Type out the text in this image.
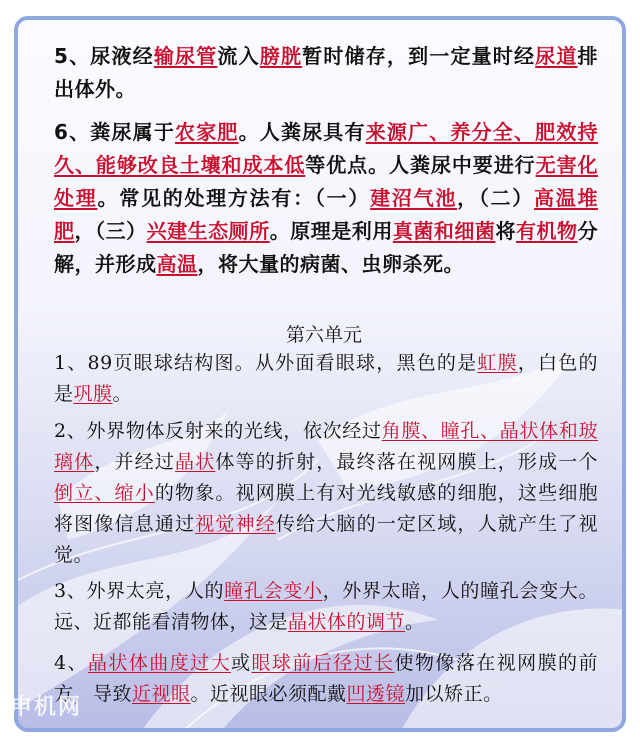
5、尿液经输尿管流入膀胱暂时储存，到一定量时经尿道排出体外。
6、粪尿属于农家肥。人粪尿具有来源广、养分全、肥效持久、能够改良土壤和成本低等优点。人粪尿中要进行无害化处理。常见的处理方法有：（一）建沼气池，（二）高温堆肥，（三）兴建生态厕所。原理是利用真菌和细菌将有机物分解，并形成高温，将大量的病菌、虫卵杀死。
第六单元
1、89页眼球结构图。从外面看眼球，黑色的是虹膜，白色的是巩膜。
2、外界物体反射来的光线，依次经过角膜、瞳孔、晶状体和玻璃体，并经过晶状体等的折射，最终落在视网膜上，形成一个倒立、缩小的物象。视网膜上有对光线敏感的细胞，这些细胞将图像信息通过视觉神经传给大脑的一定区域，人就产生了视觉。
3、外界太亮，人的瞳孔会变小，外界太暗，人的瞳孔会变大。远、近都能看清物体，这是晶状体的调节。
4、晶状体曲度过大或眼球前后径过长使物像落在视网膜的前方，导致近视眼。近视眼必须配戴凹透镜加以矫正。
申机网
